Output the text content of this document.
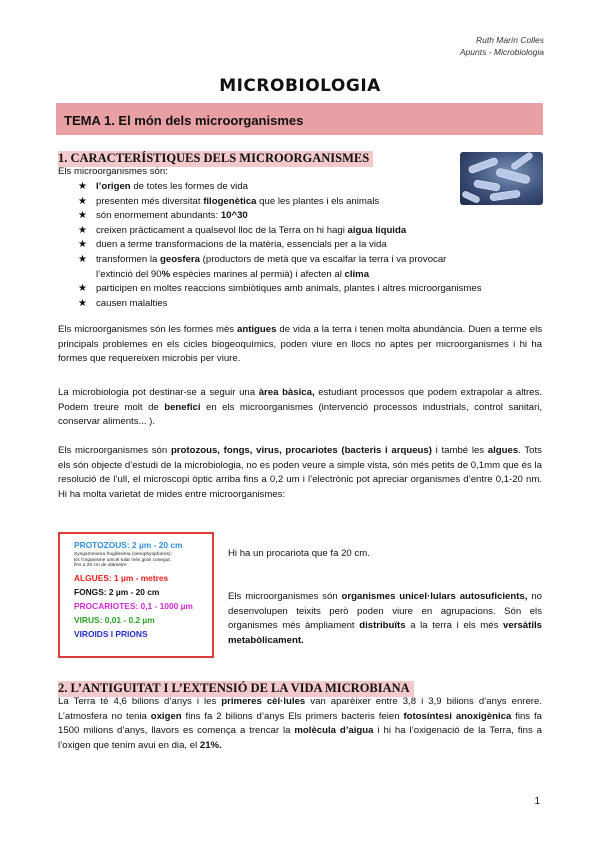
Ruth Marín Colles
Apunts - Microbiologia
MICROBIOLOGIA
TEMA 1. El món dels microorganismes
1. CARACTERÍSTIQUES DELS MICROORGANISMES
Els microorganismes són:
★ l’origen de totes les formes de vida
★ presenten més diversitat filogenètica que les plantes i els animals
★ són enormement abundants: 10^30
★ creixen pràcticament a qualsevol lloc de la Terra on hi hagi aigua líquida
★ duen a terme transformacions de la matèria, essencials per a la vida
★ transformen la geosfera (productors de metà que va escalfar la terra i va provocar
l’extinció del 90% espècies marines al permià) i afecten al clima
★ participen en moltes reaccions simbiòtiques amb animals, plantes i altres microorganismes
★ causen malalties
Els microorganismes són les formes més antigues de vida a la terra i tenen molta abundància. Duen a terme els principals problemes en els cicles biogeoquímics, poden viure en llocs no aptes per microorganismes i hi ha formes que requereixen microbis per viure.
La microbiologia pot destinar-se a seguir una àrea bàsica, estudiant processos que podem extrapolar a altres. Podem treure molt de benefici en els microorganismes (intervenció processos industrials, control sanitari, conservar aliments... ).
Els microorganismes són protozous, fongs, virus, procariotes (bacteris i arqueus) i també les algues. Tots els són objecte d’estudi de la microbiologia, no es poden veure a simple vista, són més petits de 0,1mm que és la resolució de l’ull, el microscopi òptic arriba fins a 0,2 um i l’electrònic pot apreciar organismes d’entre 0,1-20 nm. Hi ha molta varietat de mides entre microorganismes:
PROTOZOUS: 2 µm - 20 cm
Syngammorea frugilissima (xenophyophores):
Es l’organisme unicel·lular més gran conegut,
fins a 20 cm de diàmetre
ALGUES: 1 µm - metres
FONGS: 2 µm - 20 cm
PROCARIOTES: 0,1 - 1000 µm
VIRUS: 0,01 - 0.2 µm
VIROIDS I PRIONS
Hi ha un procariota que fa 20 cm.
Els microorganismes són organismes unicel·lulars autosuficients, no desenvolupen teixits però poden viure en agrupacions. Són els organismes més àmpliament distribuïts a la terra i els més versàtils metabòlicament.
2. L’ANTIGUITAT I L’EXTENSIÓ DE LA VIDA MICROBIANA
La Terra té 4,6 bilions d’anys i les primeres cèl·lules van aparèixer entre 3,8 i 3,9 bilions d’anys enrere. L’atmosfera no tenia oxigen fins fa 2 bilions d’anys Els primers bacteris feien fotosíntesi anoxigènica fins fa 1500 milions d’anys, llavors es comença a trencar la molècula d’aigua i hi ha l’oxigenació de la Terra, fins a l’oxigen que tenim avui en dia, el 21%.
1
